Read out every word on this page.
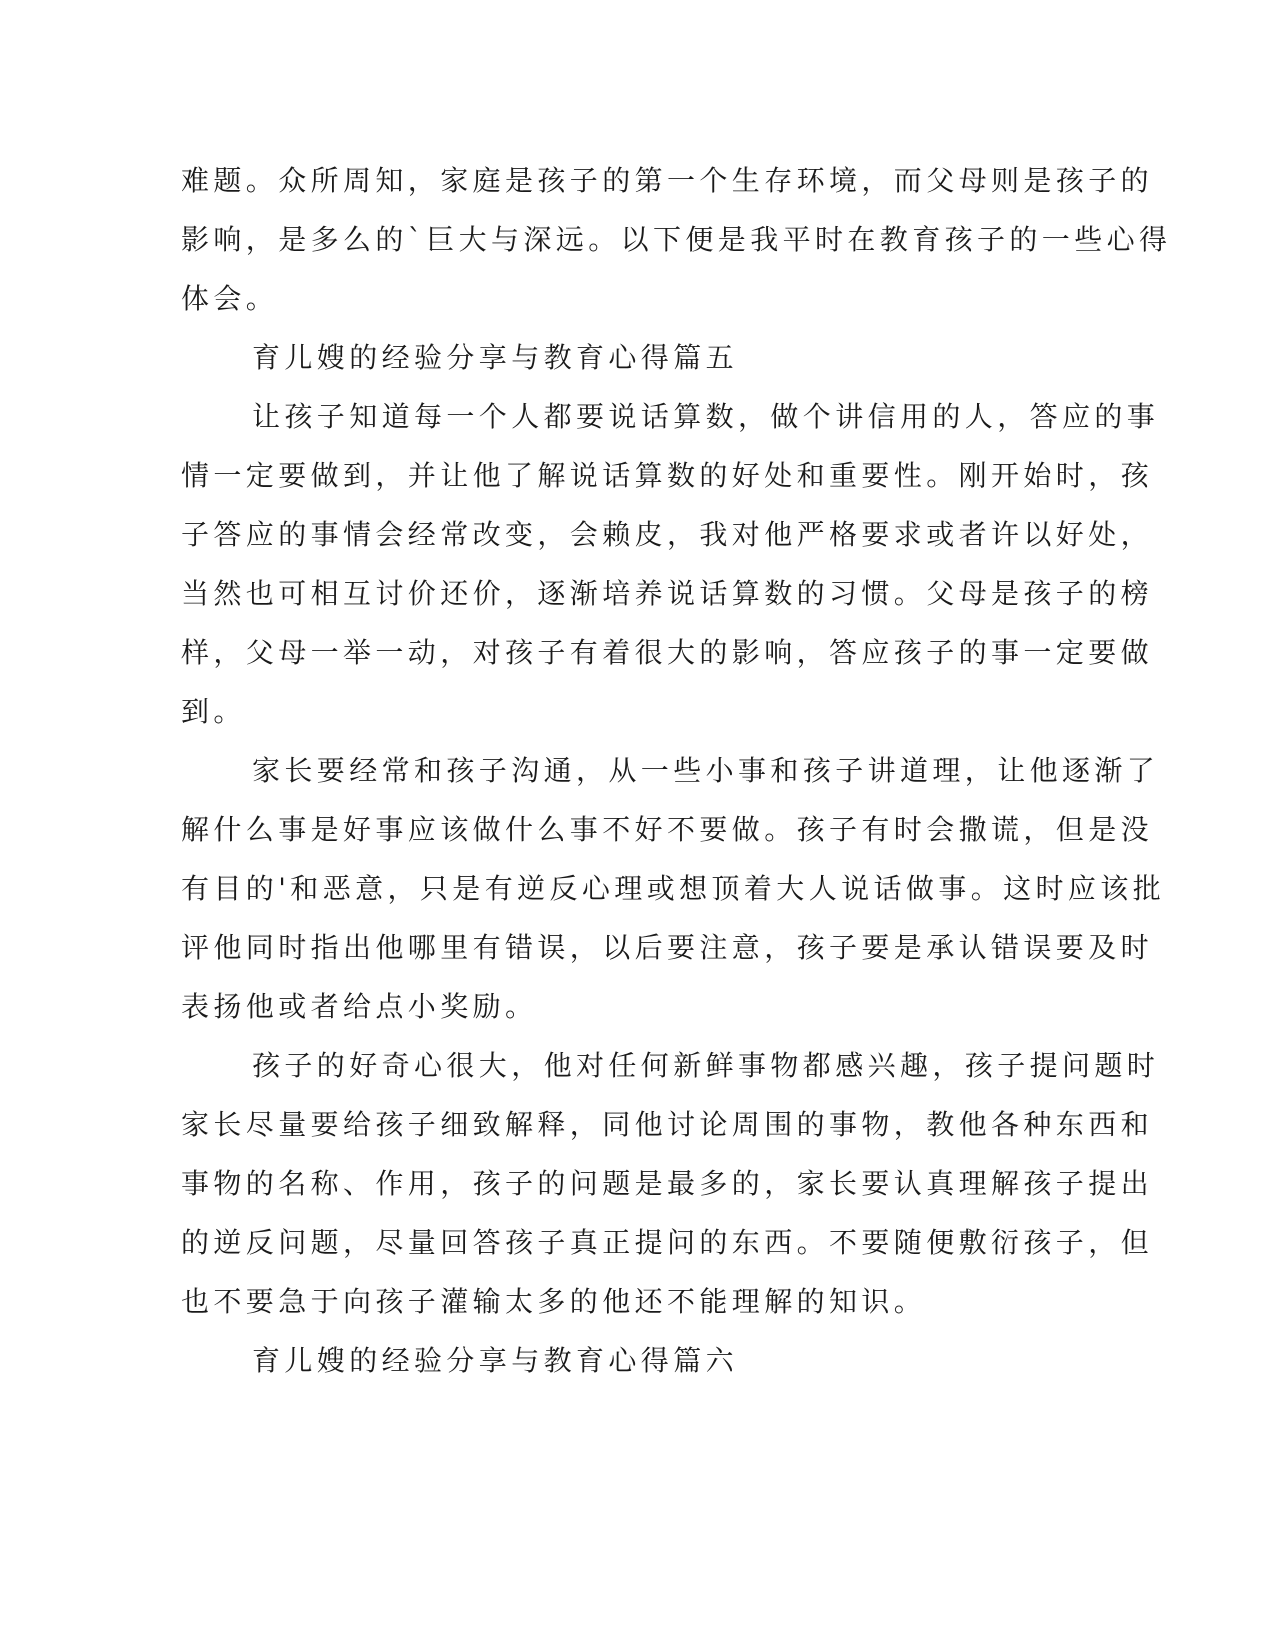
难题。众所周知，家庭是孩子的第一个生存环境，而父母则是孩子的
影响，是多么的`巨大与深远。以下便是我平时在教育孩子的一些心得
体会。
育儿嫂的经验分享与教育心得篇五
让孩子知道每一个人都要说话算数，做个讲信用的人，答应的事
情一定要做到，并让他了解说话算数的好处和重要性。刚开始时，孩
子答应的事情会经常改变，会赖皮，我对他严格要求或者许以好处，
当然也可相互讨价还价，逐渐培养说话算数的习惯。父母是孩子的榜
样，父母一举一动，对孩子有着很大的影响，答应孩子的事一定要做
到。
家长要经常和孩子沟通，从一些小事和孩子讲道理，让他逐渐了
解什么事是好事应该做什么事不好不要做。孩子有时会撒谎，但是没
有目的'和恶意，只是有逆反心理或想顶着大人说话做事。这时应该批
评他同时指出他哪里有错误，以后要注意，孩子要是承认错误要及时
表扬他或者给点小奖励。
孩子的好奇心很大，他对任何新鲜事物都感兴趣，孩子提问题时
家长尽量要给孩子细致解释，同他讨论周围的事物，教他各种东西和
事物的名称、作用，孩子的问题是最多的，家长要认真理解孩子提出
的逆反问题，尽量回答孩子真正提问的东西。不要随便敷衍孩子，但
也不要急于向孩子灌输太多的他还不能理解的知识。
育儿嫂的经验分享与教育心得篇六
